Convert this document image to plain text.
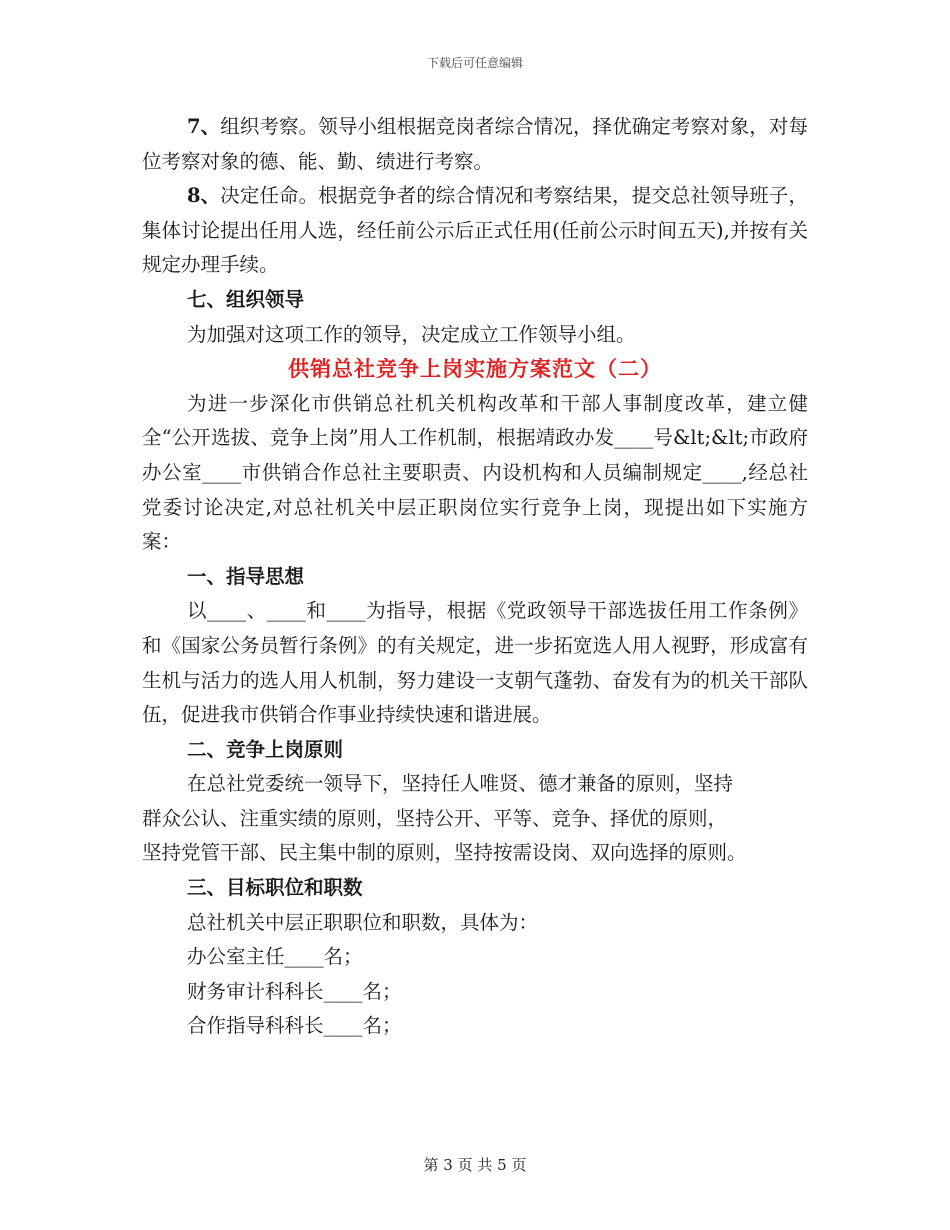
下载后可任意编辑

7、组织考察。领导小组根据竞岗者综合情况，择优确定考察对象，对每位考察对象的德、能、勤、绩进行考察。

8、决定任命。根据竞争者的综合情况和考察结果，提交总社领导班子，集体讨论提出任用人选，经任前公示后正式任用(任前公示时间五天),并按有关规定办理手续。

七、组织领导

为加强对这项工作的领导，决定成立工作领导小组。

供销总社竞争上岗实施方案范文（二）

为进一步深化市供销总社机关机构改革和干部人事制度改革，建立健全“公开选拔、竞争上岗”用人工作机制，根据靖政办发____号&lt;&lt;市政府办公室____市供销合作总社主要职责、内设机构和人员编制规定____,经总社党委讨论决定,对总社机关中层正职岗位实行竞争上岗，现提出如下实施方案：

一、指导思想

以____、____和____为指导，根据《党政领导干部选拔任用工作条例》和《国家公务员暂行条例》的有关规定，进一步拓宽选人用人视野，形成富有生机与活力的选人用人机制，努力建设一支朝气蓬勃、奋发有为的机关干部队伍，促进我市供销合作事业持续快速和谐进展。

二、竞争上岗原则

在总社党委统一领导下，坚持任人唯贤、德才兼备的原则，坚持

群众公认、注重实绩的原则，坚持公开、平等、竞争、择优的原则，

坚持党管干部、民主集中制的原则，坚持按需设岗、双向选择的原则。

三、目标职位和职数

总社机关中层正职职位和职数，具体为：

办公室主任____名；

财务审计科科长____名；

合作指导科科长____名；

第 3 页 共 5 页
